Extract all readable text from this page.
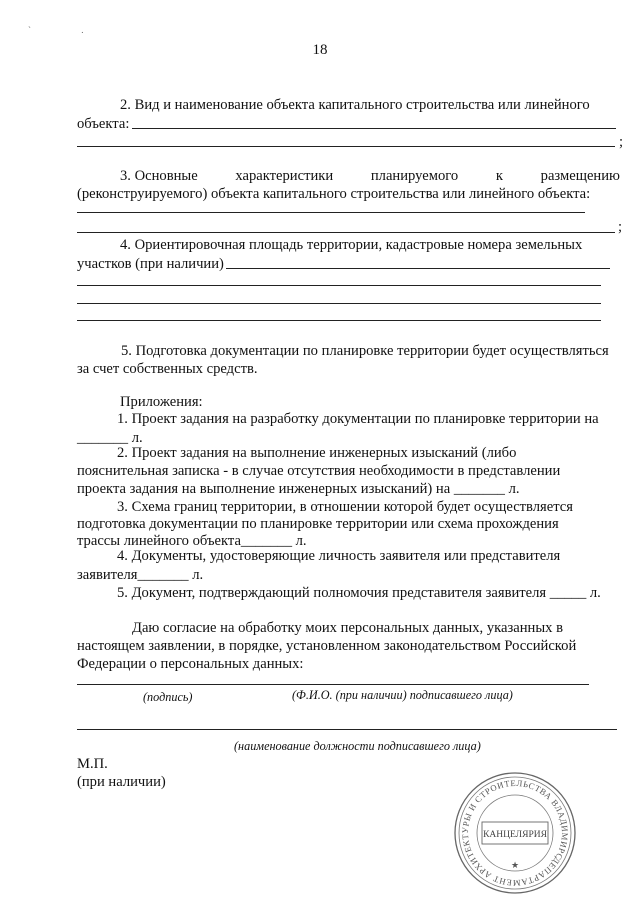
` .
18
2. Вид и наименование объекта капитального строительства или линейного
объекта:
;
3. Основные	характеристики	планируемого	к	размещению
(реконструируемого) объекта капитального строительства или линейного объекта:
;
4. Ориентировочная площадь территории, кадастровые номера земельных
участков (при наличии)
5. Подготовка документации по планировке территории будет осуществляться
за счет собственных средств.
Приложения:
1. Проект задания на разработку документации по планировке территории на
_______ л.
2. Проект задания на выполнение инженерных изысканий (либо
пояснительная записка - в случае отсутствия необходимости в представлении
проекта задания на выполнение инженерных изысканий) на _______ л.
3. Схема границ территории, в отношении которой будет осуществляется
подготовка документации по планировке территории или схема прохождения
трассы линейного объекта_______ л.
4. Документы, удостоверяющие личность заявителя или представителя
заявителя_______ л.
5. Документ, подтверждающий полномочия представителя заявителя _____ л.
Даю согласие на обработку моих персональных данных, указанных в
настоящем заявлении, в порядке, установленном законодательством Российской
Федерации о персональных данных:
(подпись)	(Ф.И.О. (при наличии) подписавшего лица)
(наименование должности подписавшего лица)
М.П.
(при наличии)
ДЕПАРТАМЕНТ АРХИТЕКТУРЫ И СТРОИТЕЛЬСТВА ВЛАДИМИРСКОЙ
КАНЦЕЛЯРИЯ
★
